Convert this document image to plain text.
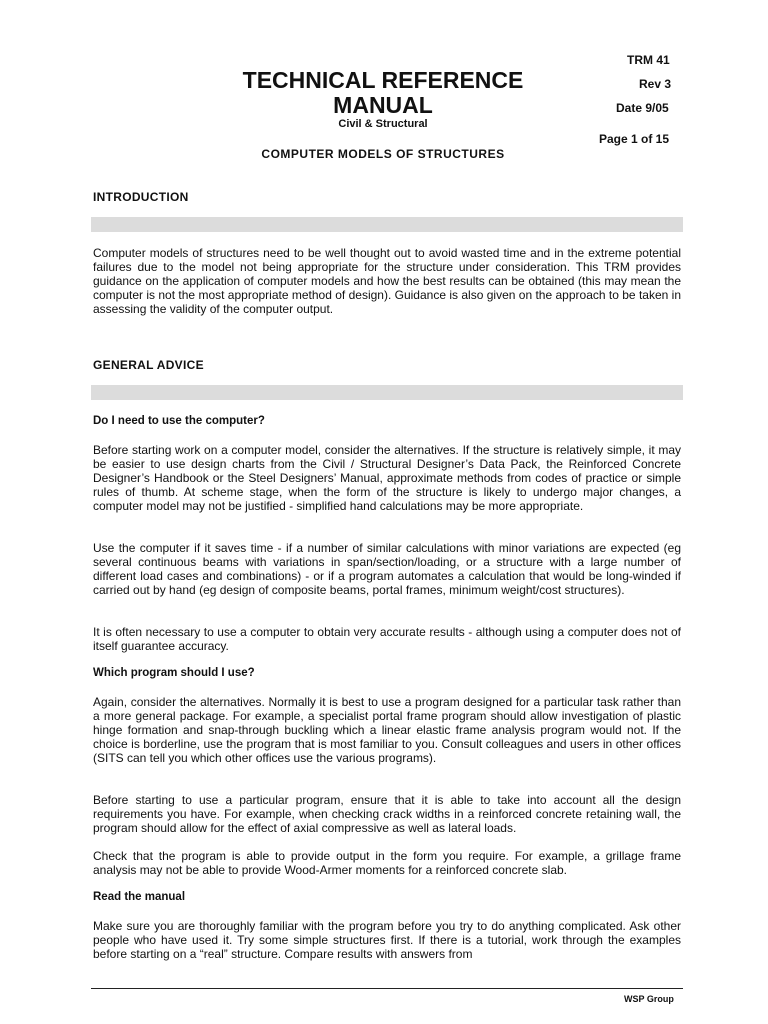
TRM 41
Rev 3
Date 9/05
Page 1 of 15
TECHNICAL REFERENCE
MANUAL
Civil & Structural
COMPUTER MODELS OF STRUCTURES
INTRODUCTION

Computer models of structures need to be well thought out to avoid wasted time and in the extreme potential failures due to the model not being appropriate for the structure under consideration. This TRM provides guidance on the application of computer models and how the best results can be obtained (this may mean the computer is not the most appropriate method of design). Guidance is also given on the approach to be taken in assessing the validity of the computer output.

GENERAL ADVICE
Do I need to use the computer?

Before starting work on a computer model, consider the alternatives. If the structure is relatively simple, it may be easier to use design charts from the Civil / Structural Designer’s Data Pack, the Reinforced Concrete Designer’s Handbook or the Steel Designers’ Manual, approximate methods from codes of practice or simple rules of thumb. At scheme stage, when the form of the structure is likely to undergo major changes, a computer model may not be justified - simplified hand calculations may be more appropriate.

Use the computer if it saves time - if a number of similar calculations with minor variations are expected (eg several continuous beams with variations in span/section/loading, or a structure with a large number of different load cases and combinations) - or if a program automates a calculation that would be long-winded if carried out by hand (eg design of composite beams, portal frames, minimum weight/cost structures).

It is often necessary to use a computer to obtain very accurate results - although using a computer does not of itself guarantee accuracy.

Which program should I use?

Again, consider the alternatives. Normally it is best to use a program designed for a particular task rather than a more general package. For example, a specialist portal frame program should allow investigation of plastic hinge formation and snap-through buckling which a linear elastic frame analysis program would not. If the choice is borderline, use the program that is most familiar to you. Consult colleagues and users in other offices (SITS can tell you which other offices use the various programs).

Before starting to use a particular program, ensure that it is able to take into account all the design requirements you have. For example, when checking crack widths in a reinforced concrete retaining wall, the program should allow for the effect of axial compressive as well as lateral loads.

Check that the program is able to provide output in the form you require. For example, a grillage frame analysis may not be able to provide Wood-Armer moments for a reinforced concrete slab.

Read the manual

Make sure you are thoroughly familiar with the program before you try to do anything complicated. Ask other people who have used it. Try some simple structures first. If there is a tutorial, work through the examples before starting on a “real” structure. Compare results with answers from

WSP Group
